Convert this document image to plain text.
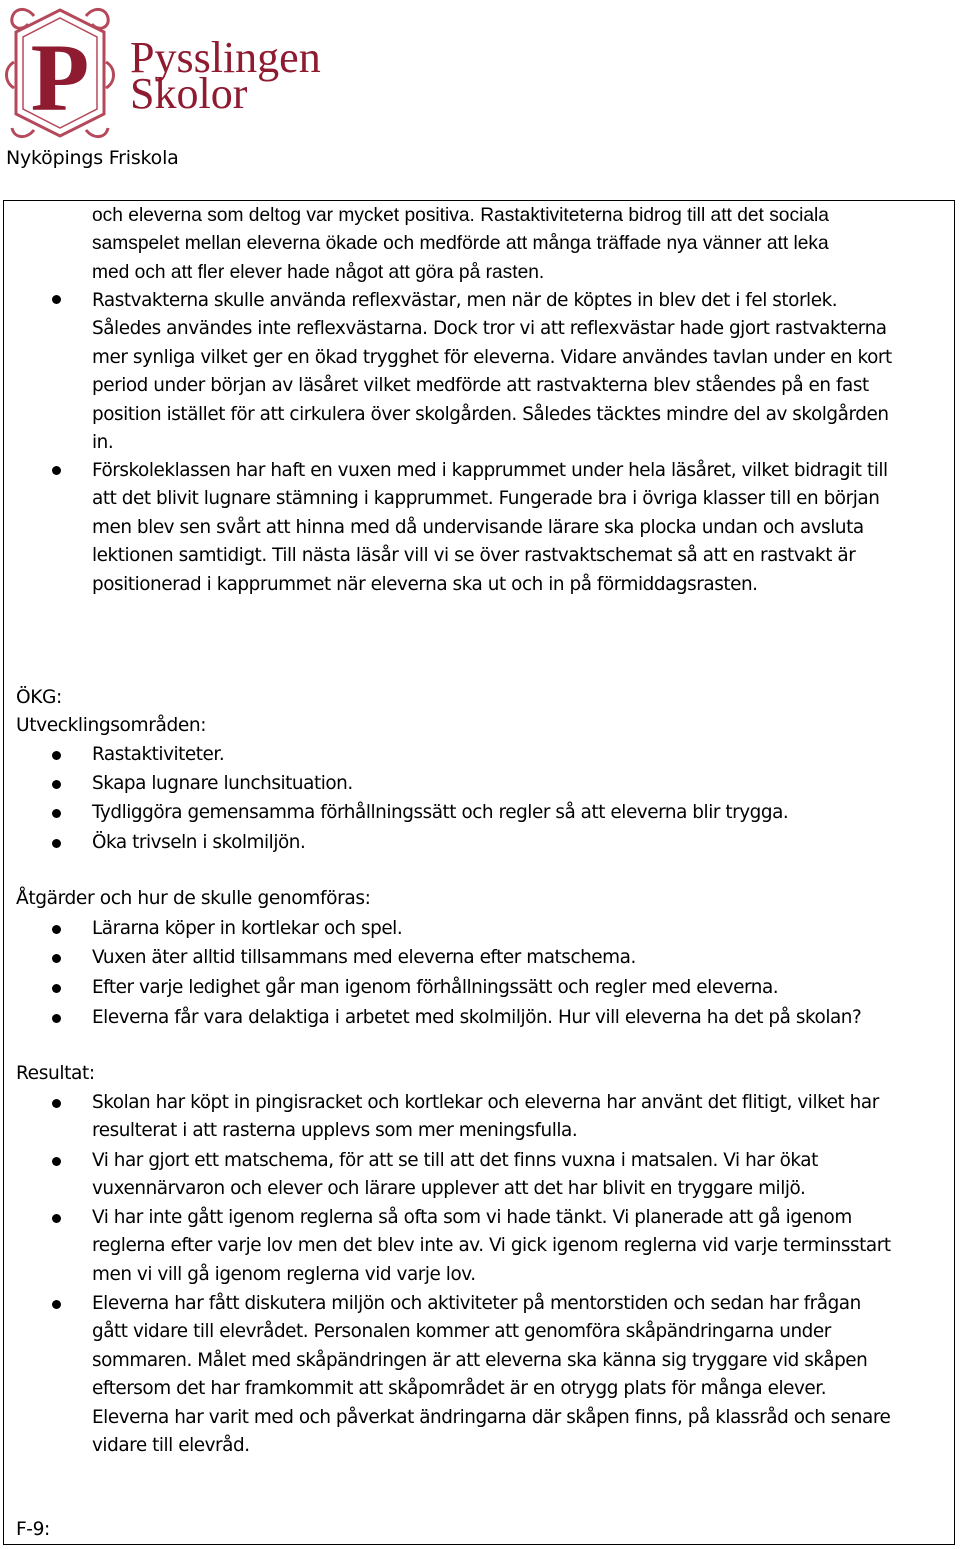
P Pysslingen
Skolor
Nyköpings Friskola
och eleverna som deltog var mycket positiva. Rastaktiviteterna bidrog till att det sociala
samspelet mellan eleverna ökade och medförde att många träffade nya vänner att leka
med och att fler elever hade något att göra på rasten.
Rastvakterna skulle använda reflexvästar, men när de köptes in blev det i fel storlek.
Således användes inte reflexvästarna. Dock tror vi att reflexvästar hade gjort rastvakterna
mer synliga vilket ger en ökad trygghet för eleverna. Vidare användes tavlan under en kort
period under början av läsåret vilket medförde att rastvakterna blev ståendes på en fast
position istället för att cirkulera över skolgården. Således täcktes mindre del av skolgården
in.
Förskoleklassen har haft en vuxen med i kapprummet under hela läsåret, vilket bidragit till
att det blivit lugnare stämning i kapprummet. Fungerade bra i övriga klasser till en början
men blev sen svårt att hinna med då undervisande lärare ska plocka undan och avsluta
lektionen samtidigt. Till nästa läsår vill vi se över rastvaktschemat så att en rastvakt är
positionerad i kapprummet när eleverna ska ut och in på förmiddagsrasten.
ÖKG:
Utvecklingsområden:
Rastaktiviteter.
Skapa lugnare lunchsituation.
Tydliggöra gemensamma förhållningssätt och regler så att eleverna blir trygga.
Öka trivseln i skolmiljön.
Åtgärder och hur de skulle genomföras:
Lärarna köper in kortlekar och spel.
Vuxen äter alltid tillsammans med eleverna efter matschema.
Efter varje ledighet går man igenom förhållningssätt och regler med eleverna.
Eleverna får vara delaktiga i arbetet med skolmiljön. Hur vill eleverna ha det på skolan?
Resultat:
Skolan har köpt in pingisracket och kortlekar och eleverna har använt det flitigt, vilket har
resulterat i att rasterna upplevs som mer meningsfulla.
Vi har gjort ett matschema, för att se till att det finns vuxna i matsalen. Vi har ökat
vuxennärvaron och elever och lärare upplever att det har blivit en tryggare miljö.
Vi har inte gått igenom reglerna så ofta som vi hade tänkt. Vi planerade att gå igenom
reglerna efter varje lov men det blev inte av. Vi gick igenom reglerna vid varje terminsstart
men vi vill gå igenom reglerna vid varje lov.
Eleverna har fått diskutera miljön och aktiviteter på mentorstiden och sedan har frågan
gått vidare till elevrådet. Personalen kommer att genomföra skåpändringarna under
sommaren. Målet med skåpändringen är att eleverna ska känna sig tryggare vid skåpen
eftersom det har framkommit att skåpområdet är en otrygg plats för många elever.
Eleverna har varit med och påverkat ändringarna där skåpen finns, på klassråd och senare
vidare till elevråd.
F-9:
